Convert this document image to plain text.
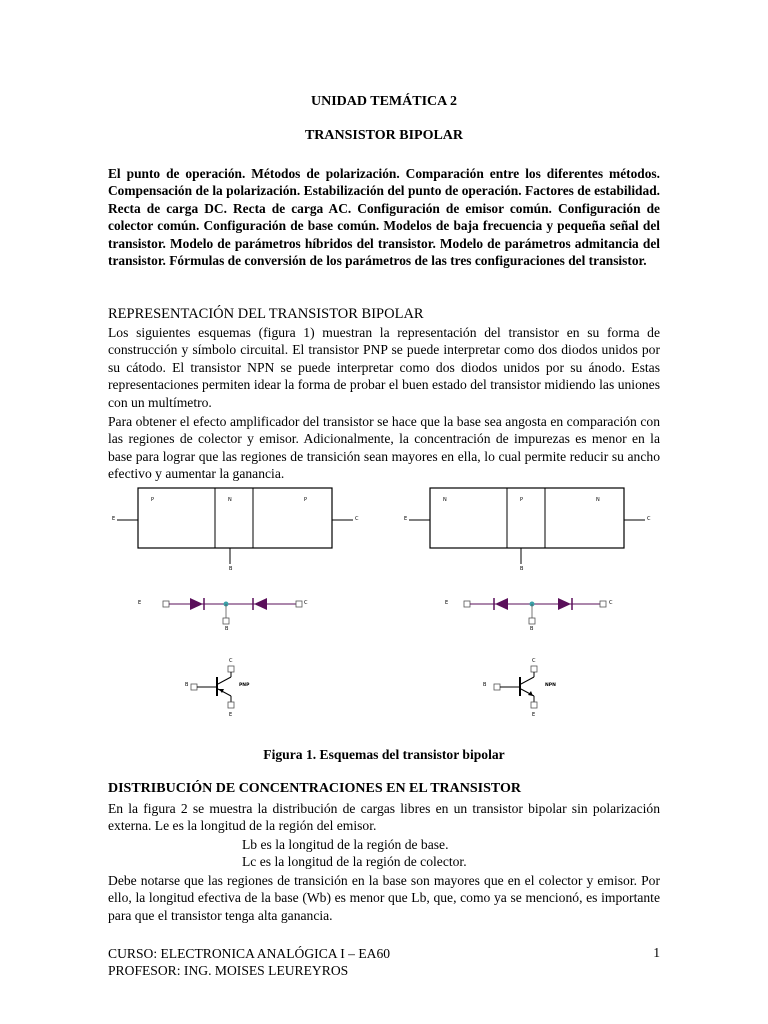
UNIDAD TEMÁTICA 2
TRANSISTOR BIPOLAR
El punto de operación. Métodos de polarización. Comparación entre los diferentes métodos. Compensación de la polarización. Estabilización del punto de operación. Factores de estabilidad. Recta de carga DC. Recta de carga AC. Configuración de emisor común. Configuración de colector común. Configuración de base común. Modelos de baja frecuencia y pequeña señal del transistor. Modelo de parámetros híbridos del transistor. Modelo de parámetros admitancia del transistor. Fórmulas de conversión de los parámetros de las tres configuraciones del transistor.
REPRESENTACIÓN DEL TRANSISTOR BIPOLAR
Los siguientes esquemas (figura 1) muestran la representación del transistor en su forma de construcción y símbolo circuital. El transistor PNP se puede interpretar como dos diodos unidos por su cátodo. El transistor NPN se puede interpretar como dos diodos unidos por su ánodo. Estas representaciones permiten idear la forma de probar el buen estado del transistor midiendo las uniones con un multímetro.
Para obtener el efecto amplificador del transistor se hace que la base sea angosta en comparación con las regiones de colector y emisor. Adicionalmente, la concentración de impurezas es menor en la base para lograr que las regiones de transición sean mayores en ella, lo cual permite reducir su ancho efectivo y aumentar la ganancia.
P	N	P
E	C
B
N	P	N
E	C
B
E	C
B
E	C
B
C
E
B	PNP
C
E
B	NPN
Figura 1. Esquemas del transistor bipolar
DISTRIBUCIÓN DE CONCENTRACIONES EN EL TRANSISTOR
En la figura 2 se muestra la distribución de cargas libres en un transistor bipolar sin polarización externa. Le es la longitud de la región del emisor.
Lb es la longitud de la región de base.
Lc es la longitud de la región de colector.
Debe notarse que las regiones de transición en la base son mayores que en el colector y emisor. Por ello, la longitud efectiva de la base (Wb) es menor que Lb, que, como ya se mencionó, es importante para que el transistor tenga alta ganancia.
CURSO: ELECTRONICA ANALÓGICA I – EA60	1
PROFESOR: ING. MOISES LEUREYROS
